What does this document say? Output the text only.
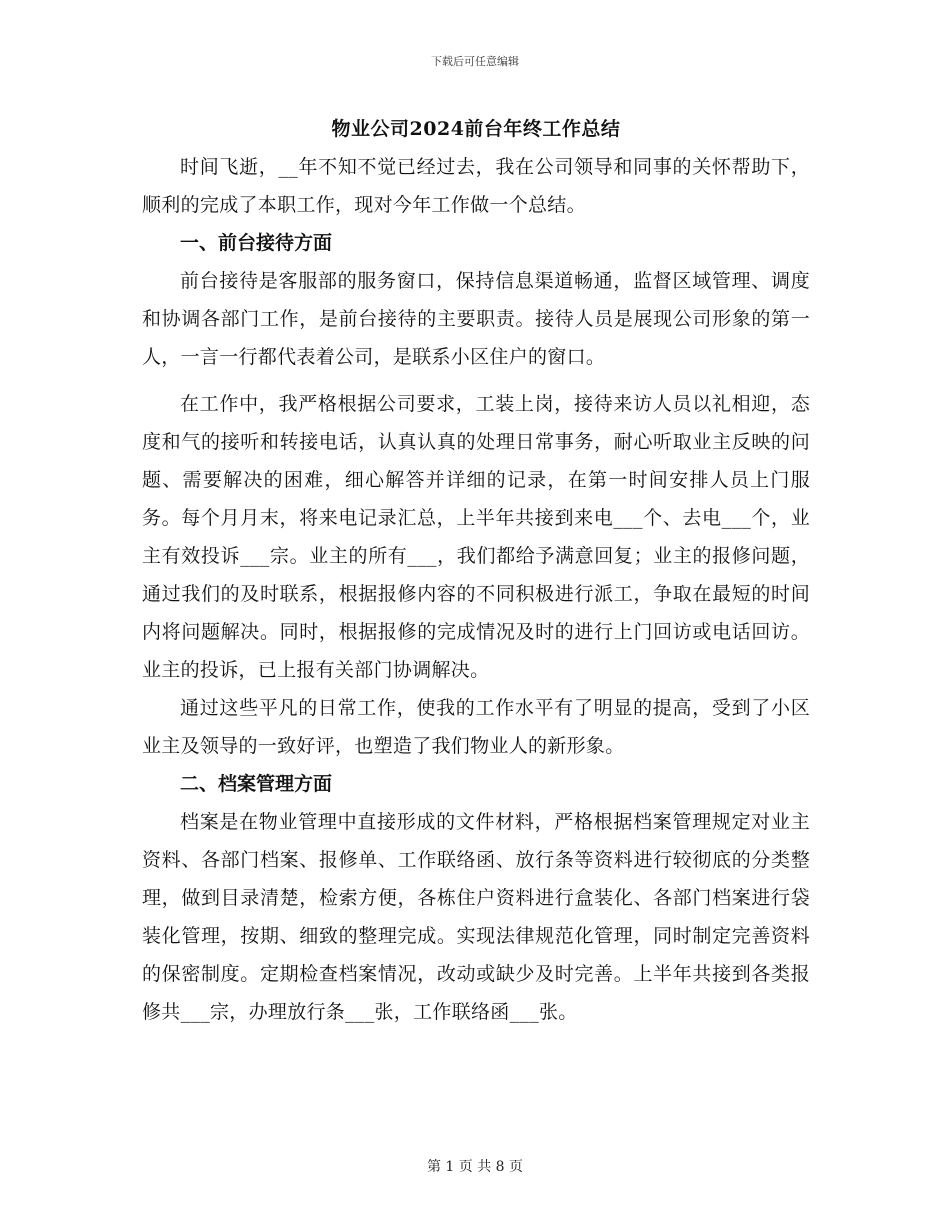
下载后可任意编辑
物业公司2024前台年终工作总结

时间飞逝，__年不知不觉已经过去，我在公司领导和同事的关怀帮助下，顺利的完成了本职工作，现对今年工作做一个总结。

一、前台接待方面

前台接待是客服部的服务窗口，保持信息渠道畅通，监督区域管理、调度和协调各部门工作，是前台接待的主要职责。接待人员是展现公司形象的第一人，一言一行都代表着公司，是联系小区住户的窗口。

在工作中，我严格根据公司要求，工装上岗，接待来访人员以礼相迎，态度和气的接听和转接电话，认真认真的处理日常事务，耐心听取业主反映的问题、需要解决的困难，细心解答并详细的记录，在第一时间安排人员上门服务。每个月月末，将来电记录汇总，上半年共接到来电___个、去电___个，业主有效投诉___宗。业主的所有___，我们都给予满意回复；业主的报修问题，通过我们的及时联系，根据报修内容的不同积极进行派工，争取在最短的时间内将问题解决。同时，根据报修的完成情况及时的进行上门回访或电话回访。业主的投诉，已上报有关部门协调解决。

通过这些平凡的日常工作，使我的工作水平有了明显的提高，受到了小区业主及领导的一致好评，也塑造了我们物业人的新形象。

二、档案管理方面

档案是在物业管理中直接形成的文件材料，严格根据档案管理规定对业主资料、各部门档案、报修单、工作联络函、放行条等资料进行较彻底的分类整理，做到目录清楚，检索方便，各栋住户资料进行盒装化、各部门档案进行袋装化管理，按期、细致的整理完成。实现法律规范化管理，同时制定完善资料的保密制度。定期检查档案情况，改动或缺少及时完善。上半年共接到各类报修共___宗，办理放行条___张，工作联络函___张。

第 1 页 共 8 页
